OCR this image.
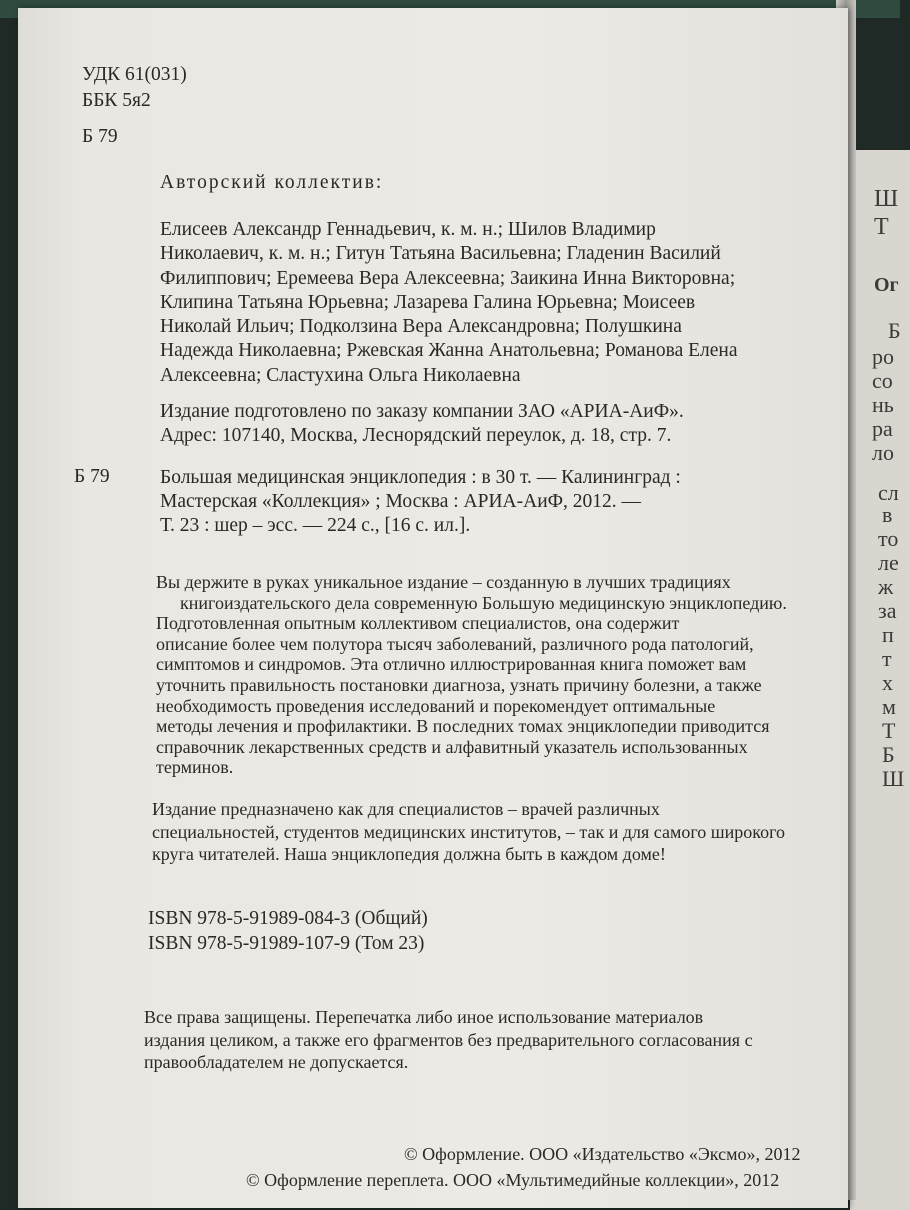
Ш
Т
Ог
Б
ро
со
нь
ра
ло
сл
в
то
ле
ж
за
п
т
х
м
Т
Б
Ш
УДК 61(031)
ББК 5я2
Б 79
Авторский коллектив:
Елисеев Александр Геннадьевич, к. м. н.; Шилов Владимир
Николаевич, к. м. н.; Гитун Татьяна Васильевна; Гладенин Василий
Филиппович; Еремеева Вера Алексеевна; Заикина Инна Викторовна;
Клипина Татьяна Юрьевна; Лазарева Галина Юрьевна; Моисеев
Николай Ильич; Подколзина Вера Александровна; Полушкина
Надежда Николаевна; Ржевская Жанна Анатольевна; Романова Елена
Алексеевна; Сластухина Ольга Николаевна
Издание подготовлено по заказу компании ЗАО «АРИА-АиФ».
Адрес: 107140, Москва, Леснорядский переулок, д. 18, стр. 7.
Б 79	Большая медицинская энциклопедия : в 30 т. — Калининград :
Мастерская «Коллекция» ; Москва : АРИА-АиФ, 2012. —
Т. 23 : шер – эсс. — 224 с., [16 с. ил.].
Вы держите в руках уникальное издание – созданную в лучших традициях
книгоиздательского дела современную Большую медицинскую энциклопедию.
Подготовленная опытным коллективом специалистов, она содержит
описание более чем полутора тысяч заболеваний, различного рода патологий,
симптомов и синдромов. Эта отлично иллюстрированная книга поможет вам
уточнить правильность постановки диагноза, узнать причину болезни, а также
необходимость проведения исследований и порекомендует оптимальные
методы лечения и профилактики. В последних томах энциклопедии приводится
справочник лекарственных средств и алфавитный указатель использованных
терминов.
Издание предназначено как для специалистов – врачей различных
специальностей, студентов медицинских институтов, – так и для самого широкого
круга читателей. Наша энциклопедия должна быть в каждом доме!
ISBN 978-5-91989-084-3 (Общий)
ISBN 978-5-91989-107-9 (Том 23)
Все права защищены. Перепечатка либо иное использование материалов
издания целиком, а также его фрагментов без предварительного согласования с
правообладателем не допускается.
© Оформление. ООО «Издательство «Эксмо», 2012
© Оформление переплета. ООО «Мультимедийные коллекции», 2012
